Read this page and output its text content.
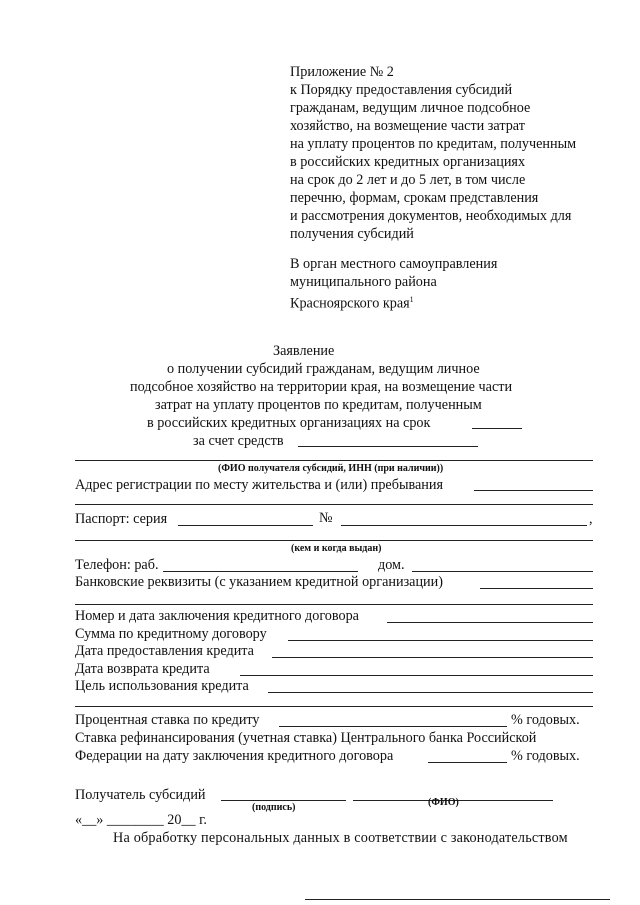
Приложение № 2
к Порядку предоставления субсидий
гражданам, ведущим личное подсобное
хозяйство, на возмещение части затрат
на уплату процентов по кредитам, полученным
в российских кредитных организациях
на срок до 2 лет и до 5 лет, в том числе
перечню, формам, срокам представления
и рассмотрения документов, необходимых для
получения субсидий
В орган местного самоуправления
муниципального района
Красноярского края$^1$
Заявление
о получении субсидий гражданам, ведущим личное
подсобное хозяйство на территории края, на возмещение части
затрат на уплату процентов по кредитам, полученным
в российских кредитных организациях на срок
за счет средств
(ФИО получателя субсидий, ИНН (при наличии))
Адрес регистрации по месту жительства и (или) пребывания
Паспорт: серия	№	,
(кем и когда выдан)
Телефон: раб.	дом.
Банковские реквизиты (с указанием кредитной организации)
Номер и дата заключения кредитного договора
Сумма по кредитному договору
Дата предоставления кредита
Дата возврата кредита
Цель использования кредита
Процентная ставка по кредиту	% годовых.
Ставка рефинансирования (учетная ставка) Центрального банка Российской
Федерации на дату заключения кредитного договора	% годовых.
Получатель субсидий
(подпись)	(ФИО)
«__» ________ 20__ г.
На обработку персональных данных в соответствии с законодательством
